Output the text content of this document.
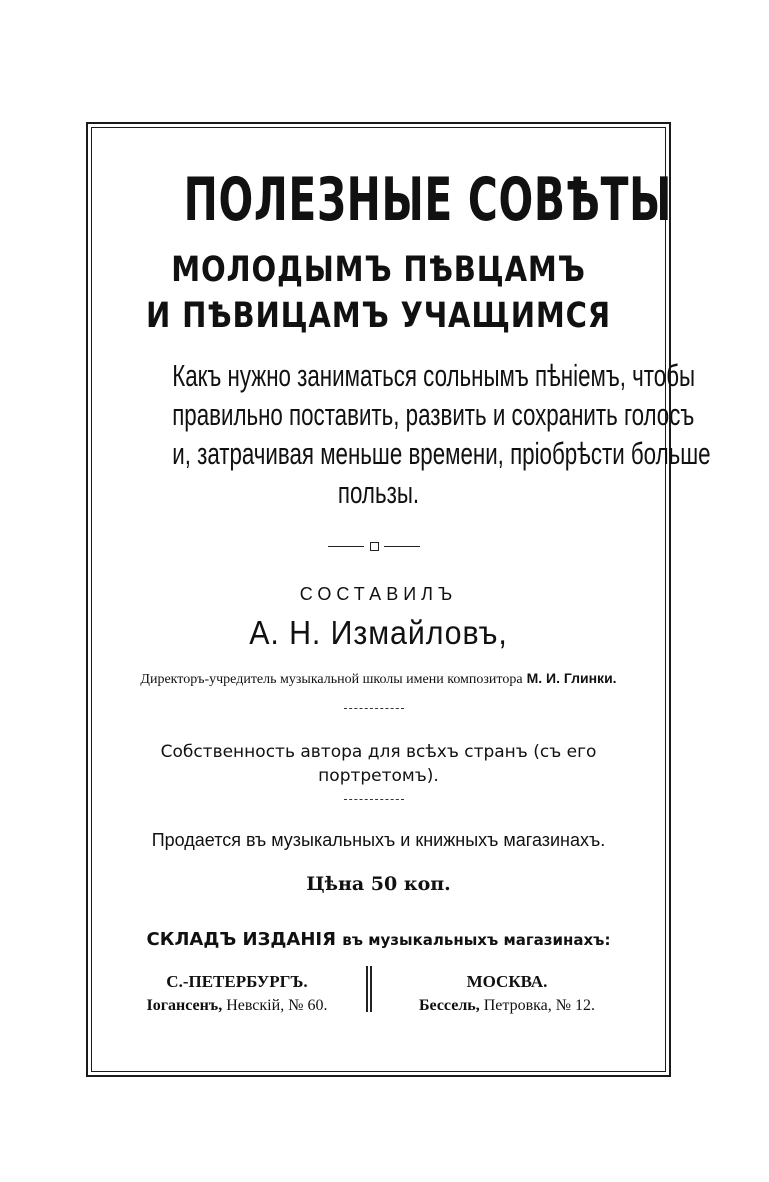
ПОЛЕЗНЫЕ СОВѢТЫ
МОЛОДЫМЪ ПѢВЦАМЪ
И ПѢВИЦАМЪ УЧАЩИМСЯ
Какъ нужно заниматься сольнымъ пѣніемъ, чтобы
правильно поставить, развить и сохранить голосъ
и, затрачивая меньше времени, пріобрѣсти больше
пользы.
СОСТАВИЛЪ
А. Н. Измайловъ,
Директоръ-учредитель музыкальной школы имени композитора М. И. Глинки.
Собственность автора для всѣхъ странъ (съ его портретомъ).
Продается въ музыкальныхъ и книжныхъ магазинахъ.
Цѣна 50 коп.
СКЛАДЪ ИЗДАНІЯ въ музыкальныхъ магазинахъ:
С.-ПЕТЕРБУРГЪ.
Іогансенъ, Невскій, № 60.
МОСКВА.
Бессель, Петровка, № 12.
